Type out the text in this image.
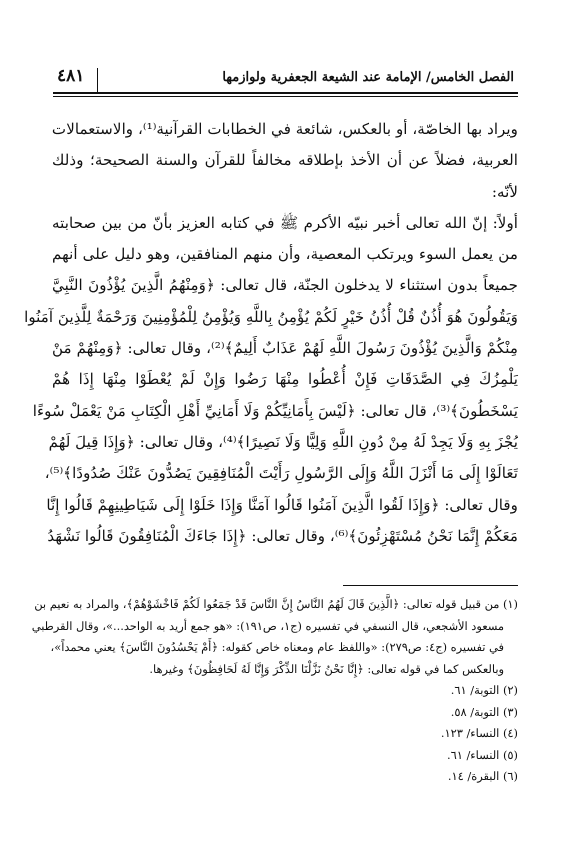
الفصل الخامس/ الإمامة عند الشيعة الجعفرية ولوازمها
٤٨١
ويراد بها الخاصّة، أو بالعكس، شائعة في الخطابات القرآنية⁽¹⁾، والاستعمالات
العربية، فضلاً عن أن الأخذ بإطلاقه مخالفاً للقرآن والسنة الصحيحة؛ وذلك
لأنّه:
أولاً: إنّ الله تعالى أخبر نبيّه الأكرم ﷺ في كتابه العزيز بأنّ من بين صحابته
من يعمل السوء ويرتكب المعصية، وأن منهم المنافقين، وهو دليل على أنهم
جميعاً بدون استثناء لا يدخلون الجنّة، قال تعالى: ﴿وَمِنْهُمُ الَّذِينَ يُؤْذُونَ النَّبِيَّ
وَيَقُولُونَ هُوَ أُذُنٌ قُلْ أُذُنُ خَيْرٍ لَكُمْ يُؤْمِنُ بِاللَّهِ وَيُؤْمِنُ لِلْمُؤْمِنِينَ وَرَحْمَةٌ لِلَّذِينَ آمَنُوا
مِنْكُمْ وَالَّذِينَ يُؤْذُونَ رَسُولَ اللَّهِ لَهُمْ عَذَابٌ أَلِيمٌ﴾⁽²⁾، وقال تعالى: ﴿وَمِنْهُمْ مَنْ
يَلْمِزُكَ فِي الصَّدَقَاتِ فَإِنْ أُعْطُوا مِنْهَا رَضُوا وَإِنْ لَمْ يُعْطَوْا مِنْهَا إِذَا هُمْ
يَسْخَطُونَ﴾⁽³⁾، قال تعالى: ﴿لَيْسَ بِأَمَانِيِّكُمْ وَلَا أَمَانِيِّ أَهْلِ الْكِتَابِ مَنْ يَعْمَلْ سُوءًا
يُجْزَ بِهِ وَلَا يَجِدْ لَهُ مِنْ دُونِ اللَّهِ وَلِيًّا وَلَا نَصِيرًا﴾⁽⁴⁾، وقال تعالى: ﴿وَإِذَا قِيلَ لَهُمْ
تَعَالَوْا إِلَى مَا أَنْزَلَ اللَّهُ وَإِلَى الرَّسُولِ رَأَيْتَ الْمُنَافِقِينَ يَصُدُّونَ عَنْكَ صُدُودًا﴾⁽⁵⁾،
وقال تعالى: ﴿وَإِذَا لَقُوا الَّذِينَ آمَنُوا قَالُوا آمَنَّا وَإِذَا خَلَوْا إِلَى شَيَاطِينِهِمْ قَالُوا إِنَّا
مَعَكُمْ إِنَّمَا نَحْنُ مُسْتَهْزِئُونَ﴾⁽⁶⁾، وقال تعالى: ﴿إِذَا جَاءَكَ الْمُنَافِقُونَ قَالُوا نَشْهَدُ
(١) من قبيل قوله تعالى: ﴿الَّذِينَ قَالَ لَهُمُ النَّاسُ إِنَّ النَّاسَ قَدْ جَمَعُوا لَكُمْ فَاخْشَوْهُمْ﴾، والمراد به نعيم بن
مسعود الأشجعي، قال النسفي في تفسيره (ج١، ص١٩١): «هو جمع أريد به الواحد...»، وقال القرطبي
في تفسيره (ج٤: ص٢٧٩): «واللفظ عام ومعناه خاص كقوله: ﴿أَمْ يَحْسُدُونَ النَّاسَ﴾ يعني محمداً»،
وبالعكس كما في قوله تعالى: ﴿إِنَّا نَحْنُ نَزَّلْنَا الذِّكْرَ وَإِنَّا لَهُ لَحَافِظُونَ﴾ وغيرها.
(٢) التوبة/ ٦١.
(٣) التوبة/ ٥٨.
(٤) النساء/ ١٢٣.
(٥) النساء/ ٦١.
(٦) البقرة/ ١٤.
